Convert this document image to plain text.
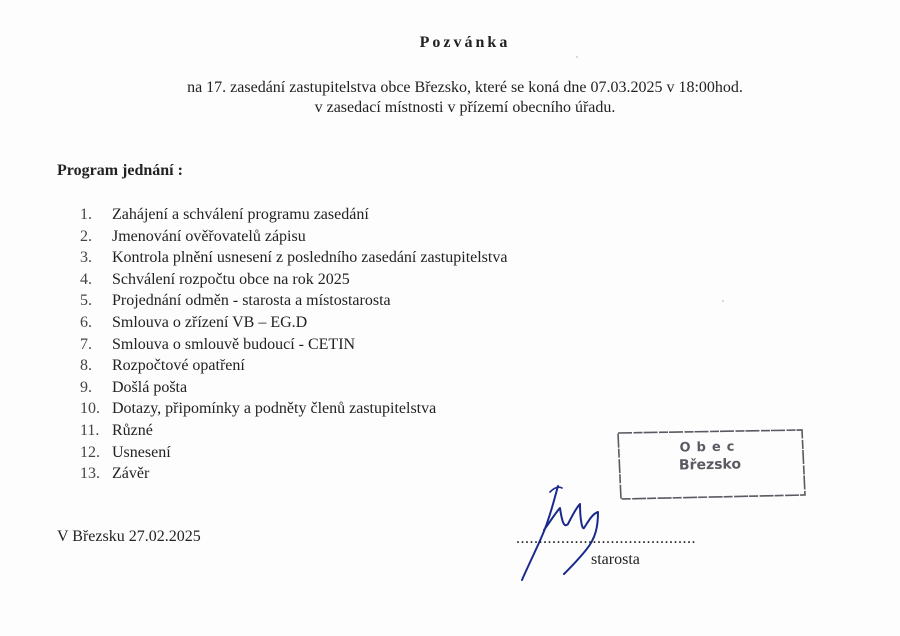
Pozvánka
na 17. zasedání zastupitelstva obce Březsko, které se koná dne 07.03.2025 v 18:00hod.
v zasedací místnosti v přízemí obecního úřadu.
Program jednání :
1. Zahájení a schválení programu zasedání
2. Jmenování ověřovatelů zápisu
3. Kontrola plnění usnesení z posledního zasedání zastupitelstva
4. Schválení rozpočtu obce na rok 2025
5. Projednání odměn - starosta a místostarosta
6. Smlouva o zřízení VB – EG.D
7. Smlouva o smlouvě budoucí - CETIN
8. Rozpočtové opatření
9. Došlá pošta
10. Dotazy, připomínky a podněty členů zastupitelstva
11. Různé
12. Usnesení
13. Závěr
Obec
Březsko
V Březsku 27.02.2025	........................................
starosta
